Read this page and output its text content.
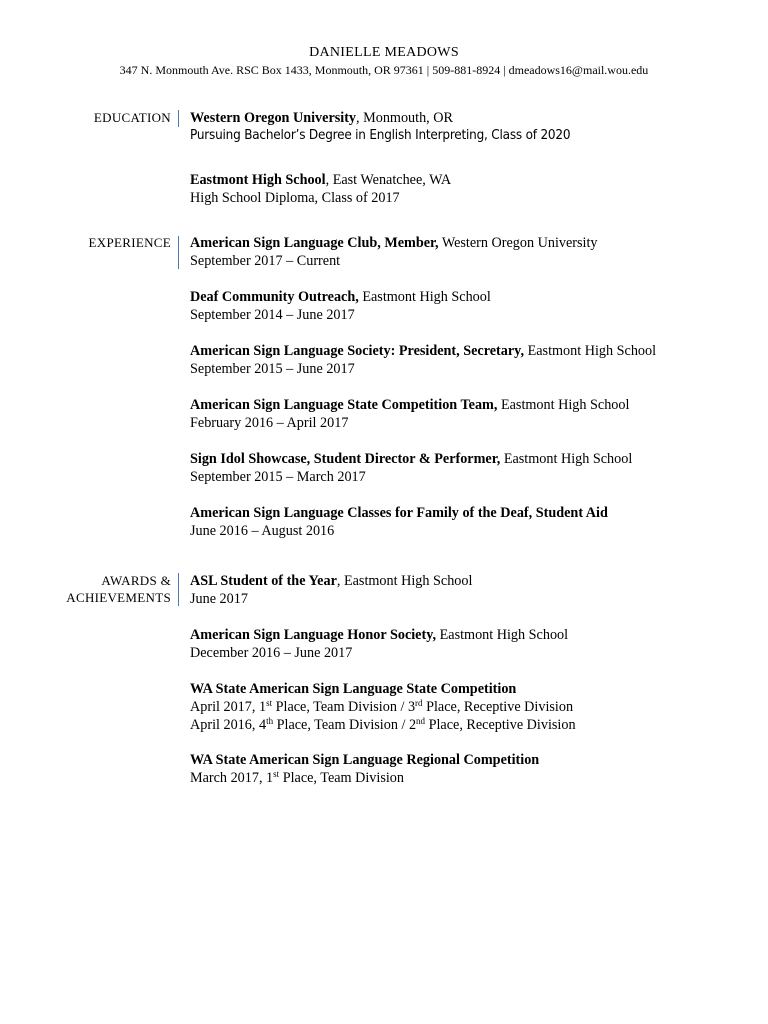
DANIELLE MEADOWS
347 N. Monmouth Ave. RSC Box 1433, Monmouth, OR 97361 | 509-881-8924 | dmeadows16@mail.wou.edu
EDUCATION Western Oregon University, Monmouth, OR
Pursuing Bachelor’s Degree in English Interpreting, Class of 2020
Eastmont High School, East Wenatchee, WA
High School Diploma, Class of 2017
EXPERIENCE American Sign Language Club, Member, Western Oregon University
September 2017 – Current
Deaf Community Outreach, Eastmont High School
September 2014 – June 2017
American Sign Language Society: President, Secretary, Eastmont High School
September 2015 – June 2017
American Sign Language State Competition Team, Eastmont High School
February 2016 – April 2017
Sign Idol Showcase, Student Director & Performer, Eastmont High School
September 2015 – March 2017
American Sign Language Classes for Family of the Deaf, Student Aid
June 2016 – August 2016
AWARDS &
ACHIEVEMENTS
ASL Student of the Year, Eastmont High School
June 2017
American Sign Language Honor Society, Eastmont High School
December 2016 – June 2017
WA State American Sign Language State Competition
April 2017, 1st Place, Team Division / 3rd Place, Receptive Division
April 2016, 4th Place, Team Division / 2nd Place, Receptive Division
WA State American Sign Language Regional Competition
March 2017, 1st Place, Team Division
